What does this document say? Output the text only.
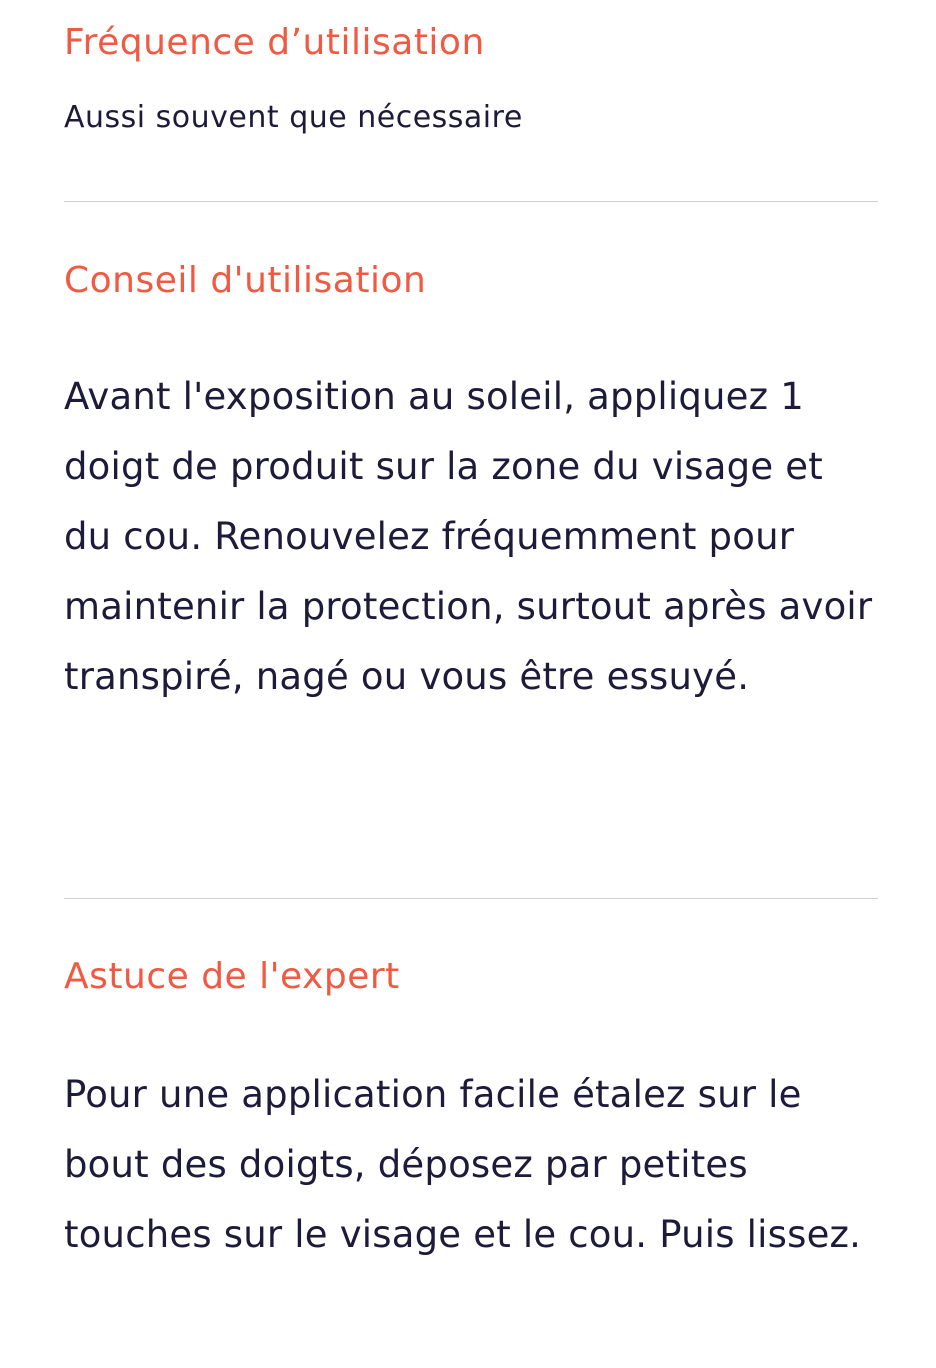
Fréquence d’utilisation

Aussi souvent que nécessaire

Conseil d'utilisation

Avant l'exposition au soleil, appliquez 1 doigt de produit sur la zone du visage et du cou. Renouvelez fréquemment pour maintenir la protection, surtout après avoir transpiré, nagé ou vous être essuyé.

Astuce de l'expert

Pour une application facile étalez sur le bout des doigts, déposez par petites touches sur le visage et le cou. Puis lissez.
